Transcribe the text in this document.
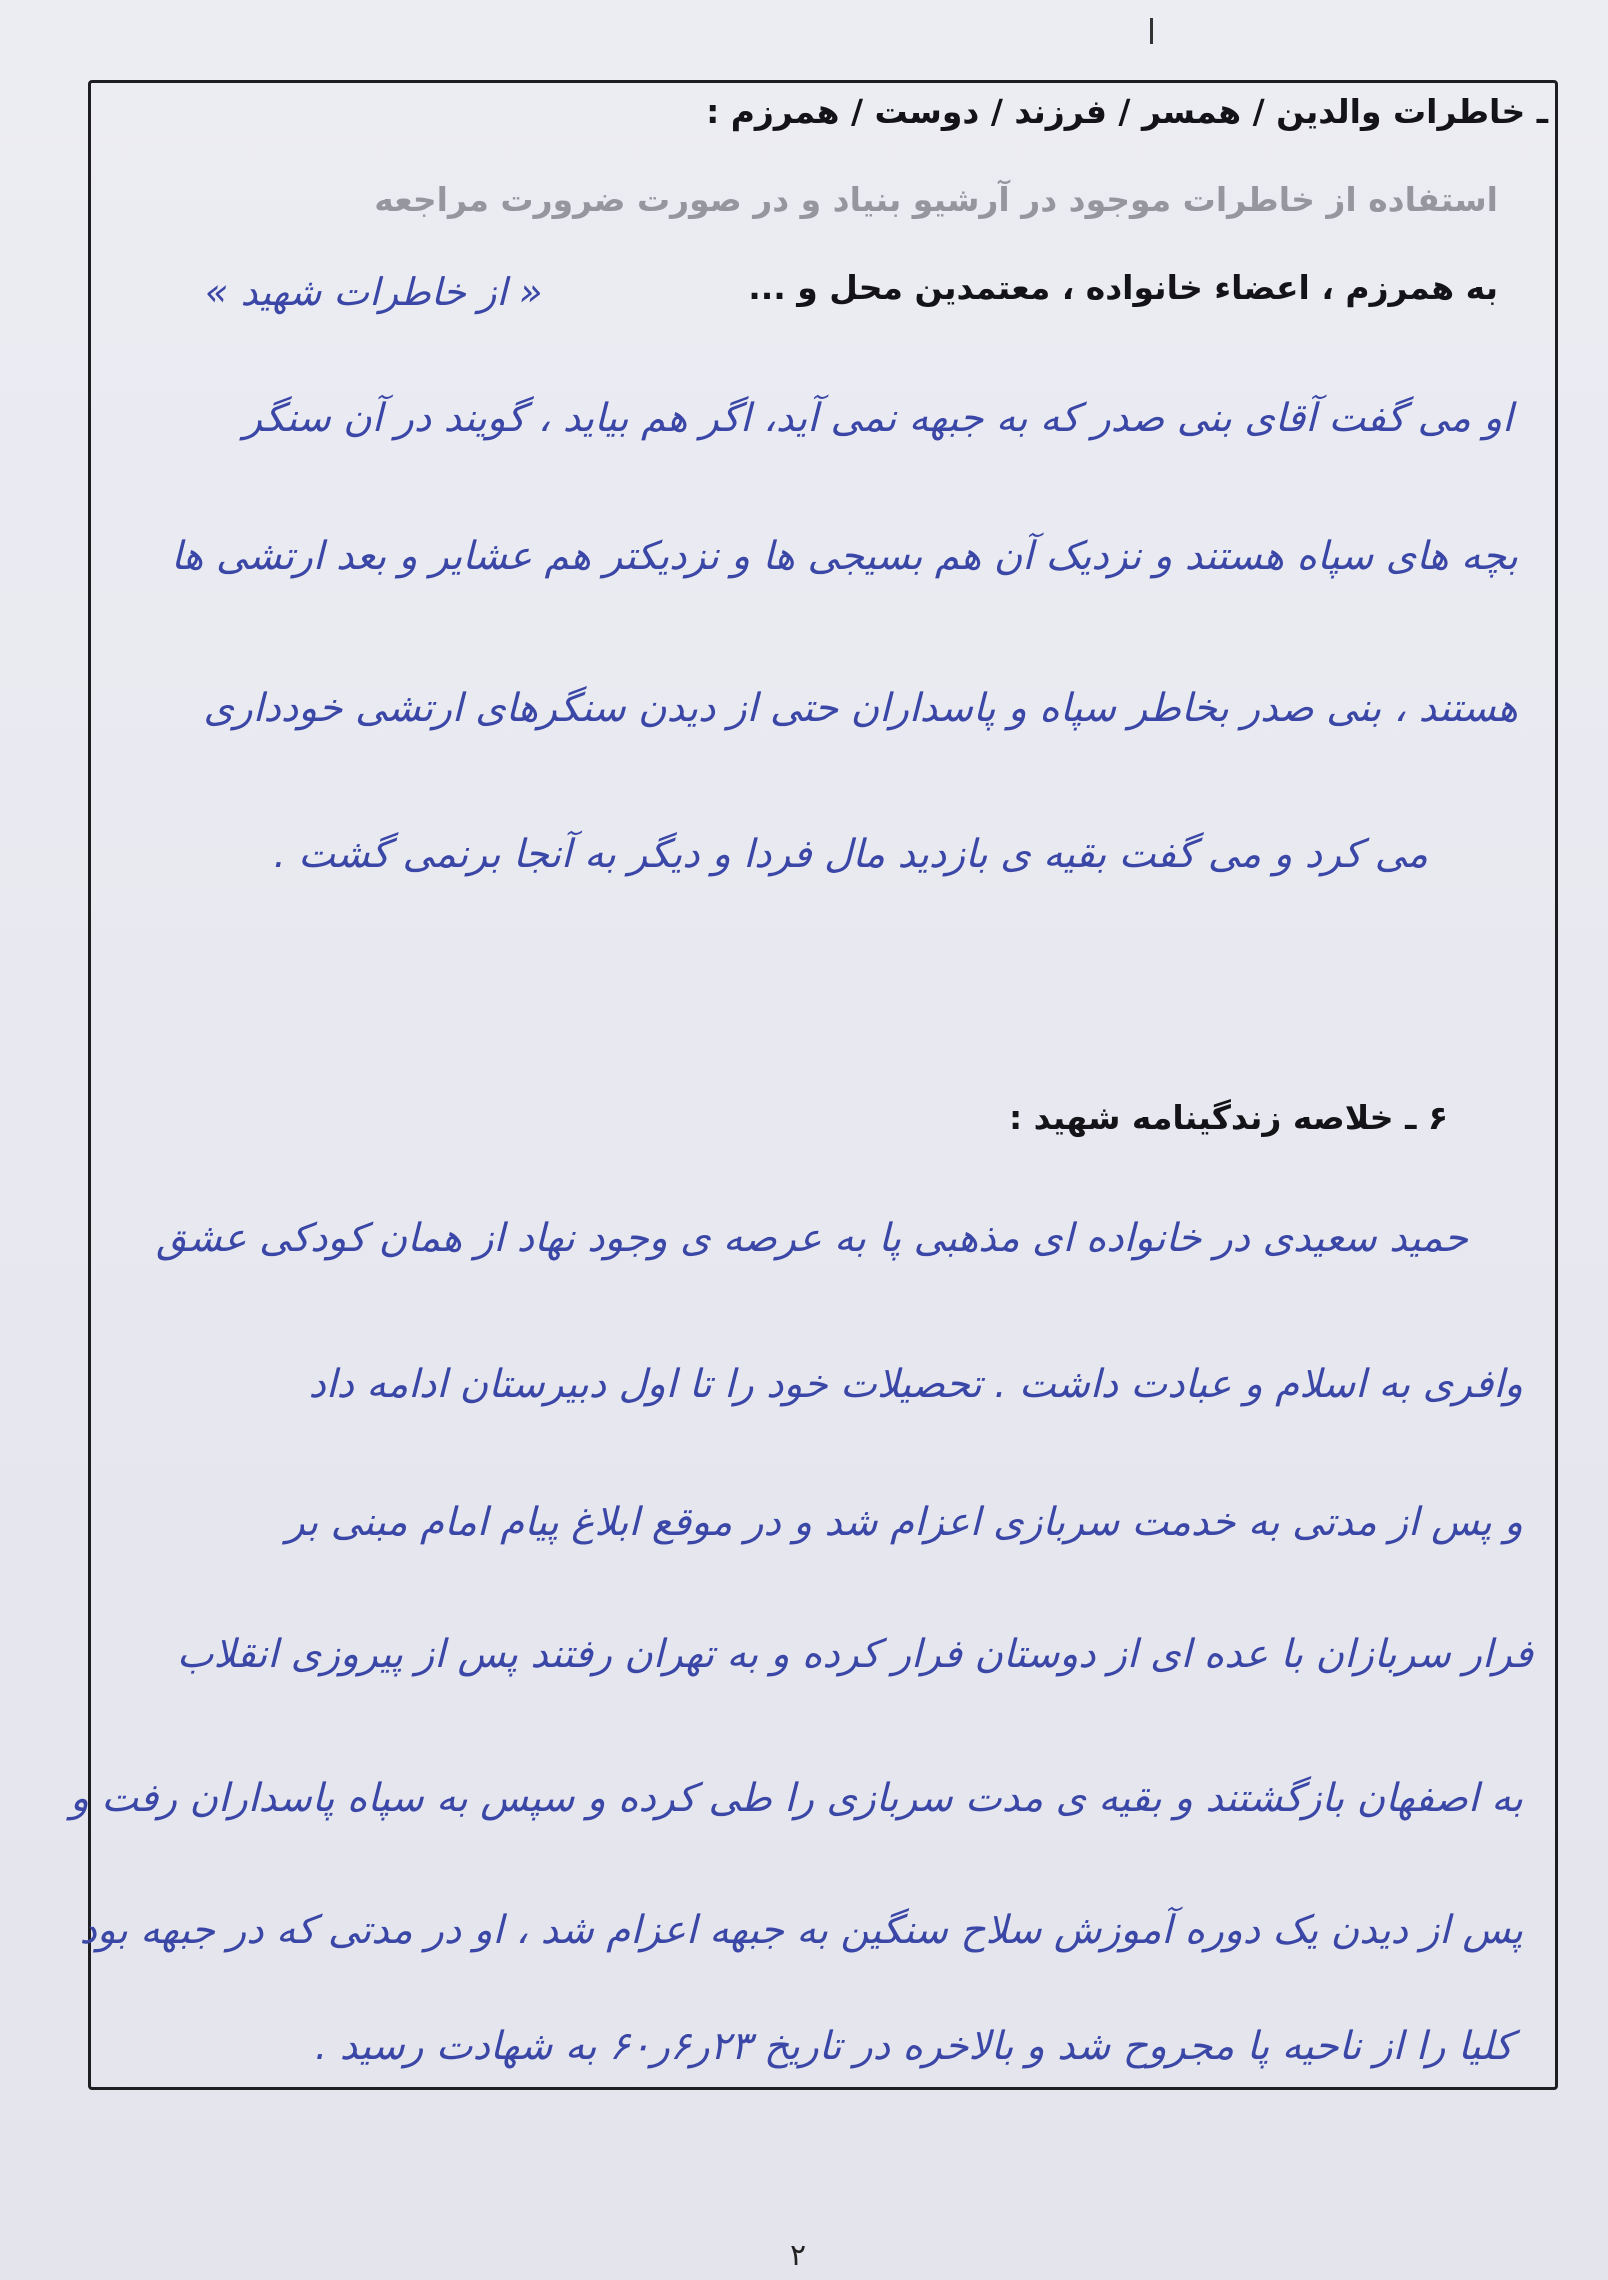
ـ خاطرات والدین / همسر / فرزند / دوست / همرزم :
استفاده از خاطرات موجود در آرشیو بنیاد و در صورت ضرورت مراجعه
به همرزم ، اعضاء خانواده ، معتمدین محل و ...
« از خاطرات شهید »
او می گفت آقای بنی صدر که به جبهه نمی آید، اگر هم بیاید ، گویند در آن سنگر
بچه های سپاه هستند و نزدیک آن هم بسیجی ها و نزدیکتر هم عشایر و بعد ارتشی ها
هستند ، بنی صدر بخاطر سپاه و پاسداران حتی از دیدن سنگرهای ارتشی خودداری
می کرد و می گفت بقیه ی بازدید مال فردا و دیگر به آنجا برنمی گشت .
۶ ـ خلاصه زندگینامه شهید :
حمید سعیدی در خانواده ای مذهبی پا به عرصه ی وجود نهاد از همان کودکی عشق
وافری به اسلام و عبادت داشت . تحصیلات خود را تا اول دبیرستان ادامه داد
و پس از مدتی به خدمت سربازی اعزام شد و در موقع ابلاغ پیام امام مبنی بر
فرار سربازان با عده ای از دوستان فرار کرده و به تهران رفتند پس از پیروزی انقلاب
به اصفهان بازگشتند و بقیه ی مدت سربازی را طی کرده و سپس به سپاه پاسداران رفت و
پس از دیدن یک دوره آموزش سلاح سنگین به جبهه اعزام شد ، او در مدتی که در جبهه بود
کلیا را از ناحیه پا مجروح شد و بالاخره در تاریخ ۲۳ر۶ر۶۰ به شهادت رسید .
۲
